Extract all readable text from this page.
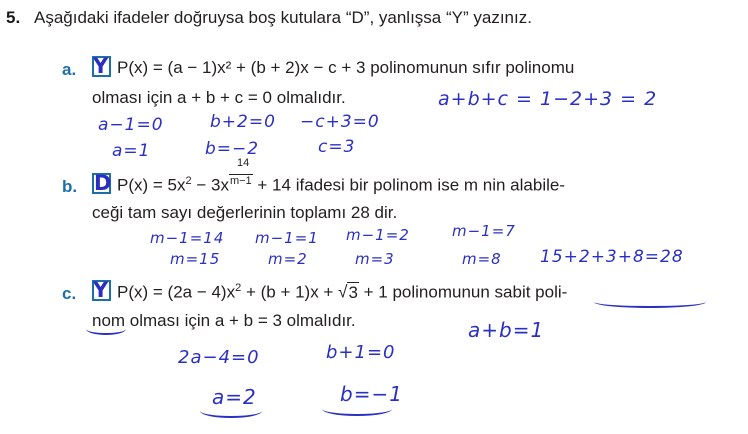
5. Aşağıdaki ifadeler doğruysa boş kutulara “D”, yanlışsa “Y” yazınız.
a. Y P(x) = (a − 1)x² + (b + 2)x − c + 3 polinomunun sıfır polinomu
olması için a + b + c = 0 olmalıdır.	a+b+c = 1−2+3 = 2
a−1=0	b+2=0 −c+3=0
a=1	b=−2	c=3
b. D $P(x) = 5x^2 - 3x \frac{14}{m-1} + 14$ ifadesi bir polinom ise m nin alabile-
ceği tam sayı değerlerinin toplamı 28 dir.
m−1=14 m−1=1 m−1=2	m−1=7
m=15	m=2	m=3	m=8 15+2+3+8=28
c. Y $P(x) = (2a - 4)x^2 + (b + 1)x + √3 + 1$ polinomunun sabit poli-
nom olması için a + b = 3 olmalıdır.	a+b=1
2a−4=0	b+1=0
a=2	b=−1
